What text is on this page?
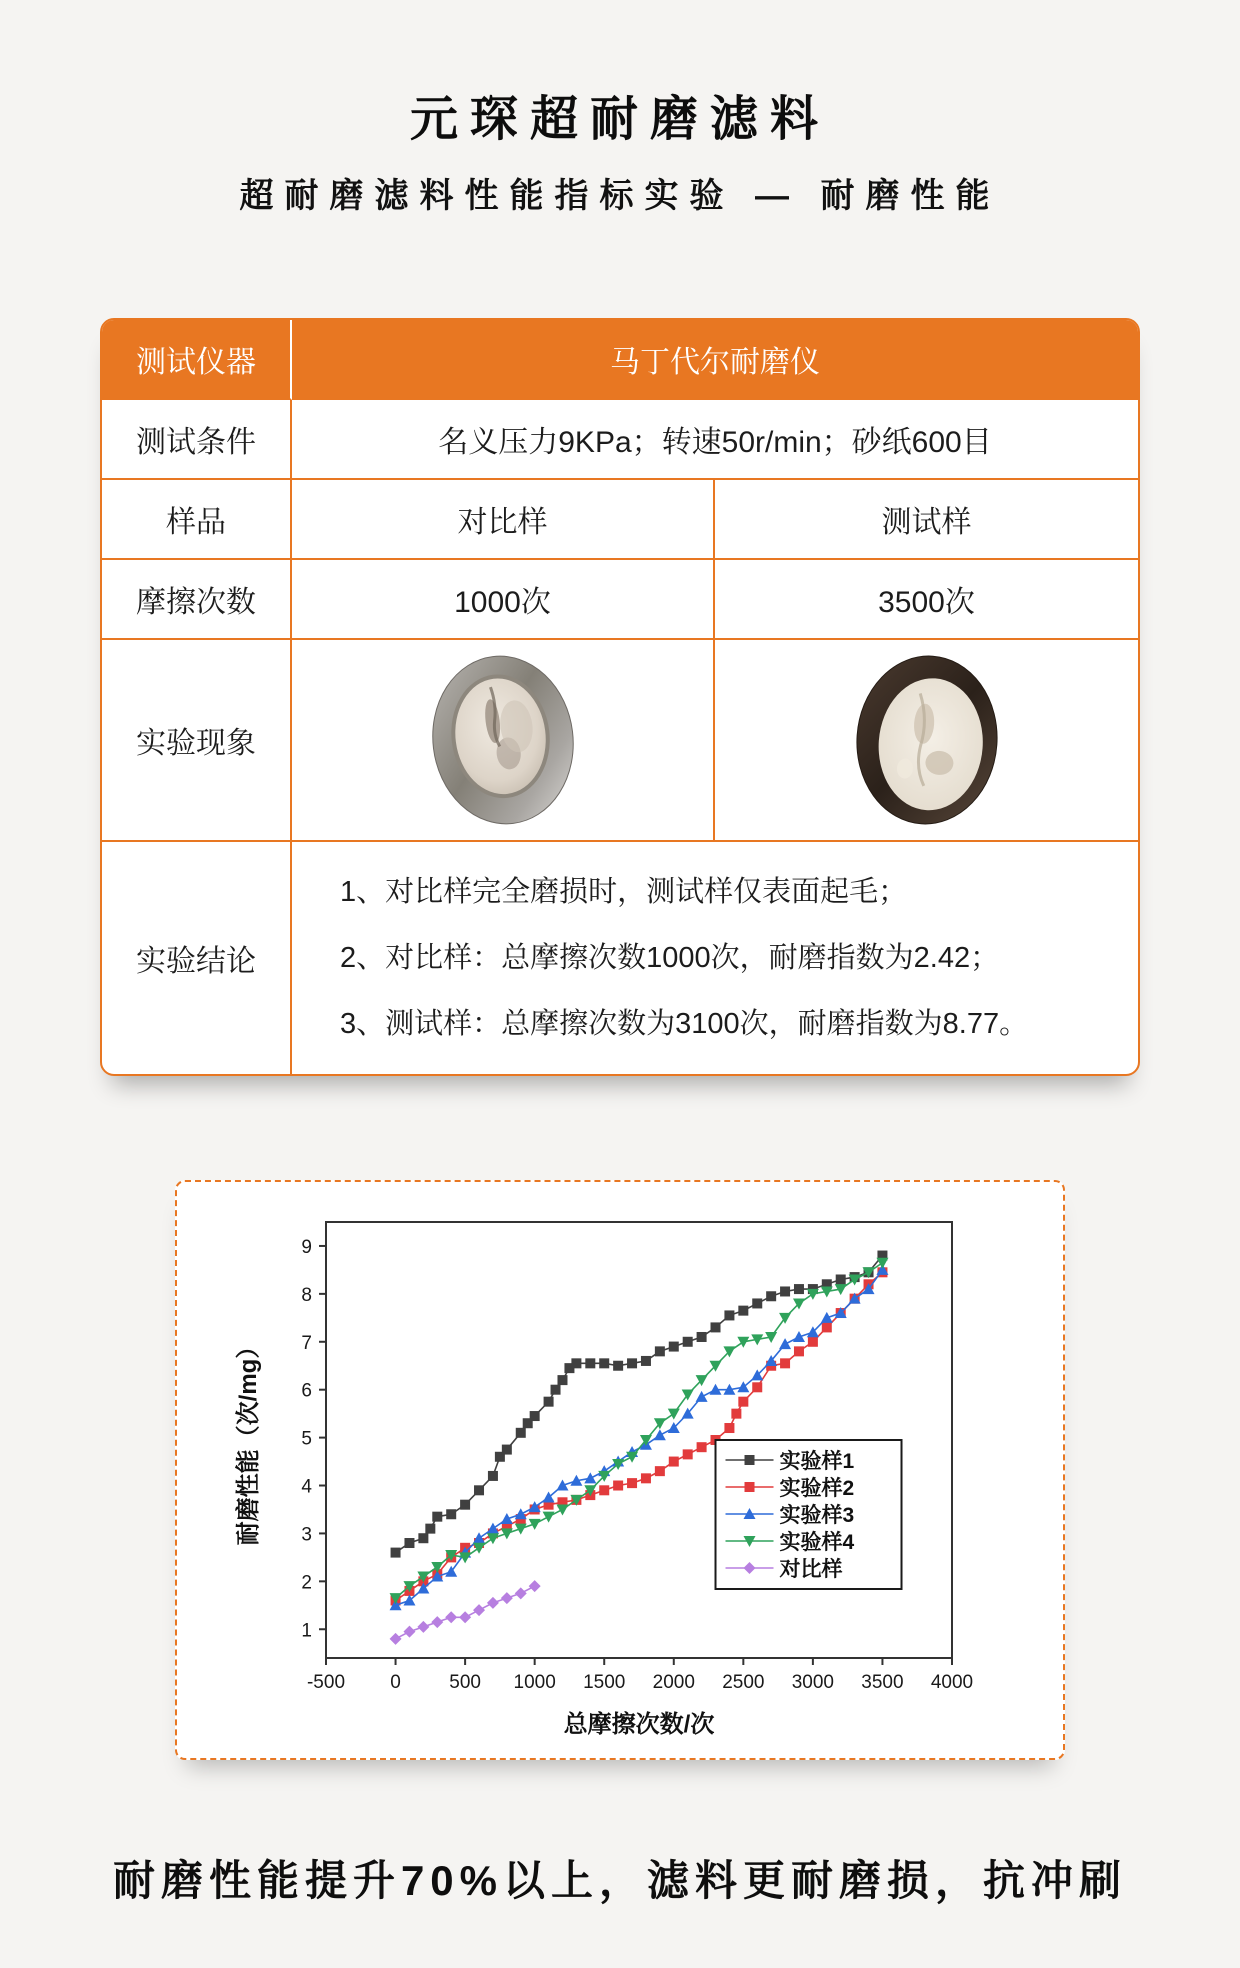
元琛超耐磨滤料
超耐磨滤料性能指标实验 — 耐磨性能
测试仪器	马丁代尔耐磨仪	
测试条件	名义压力9KPa；转速50r/min；砂纸600目	
样品	对比样	测试样
摩擦次数	1000次	3500次
实验现象		
实验结论	1、对比样完全磨损时，测试样仅表面起毛；
2、对比样：总摩擦次数1000次，耐磨指数为2.42；
3、测试样：总摩擦次数为3100次，耐磨指数为8.77。	
-500 0	500 1000 1500 2000 2500 3000 3500 4000
1
2
3
4
5
6
7
8
9
总摩擦次数/次
耐磨性能（次/mg）	实验样1
实验样2
实验样3
实验样4
对比样
耐磨性能提升70%以上，滤料更耐磨损，抗冲刷
